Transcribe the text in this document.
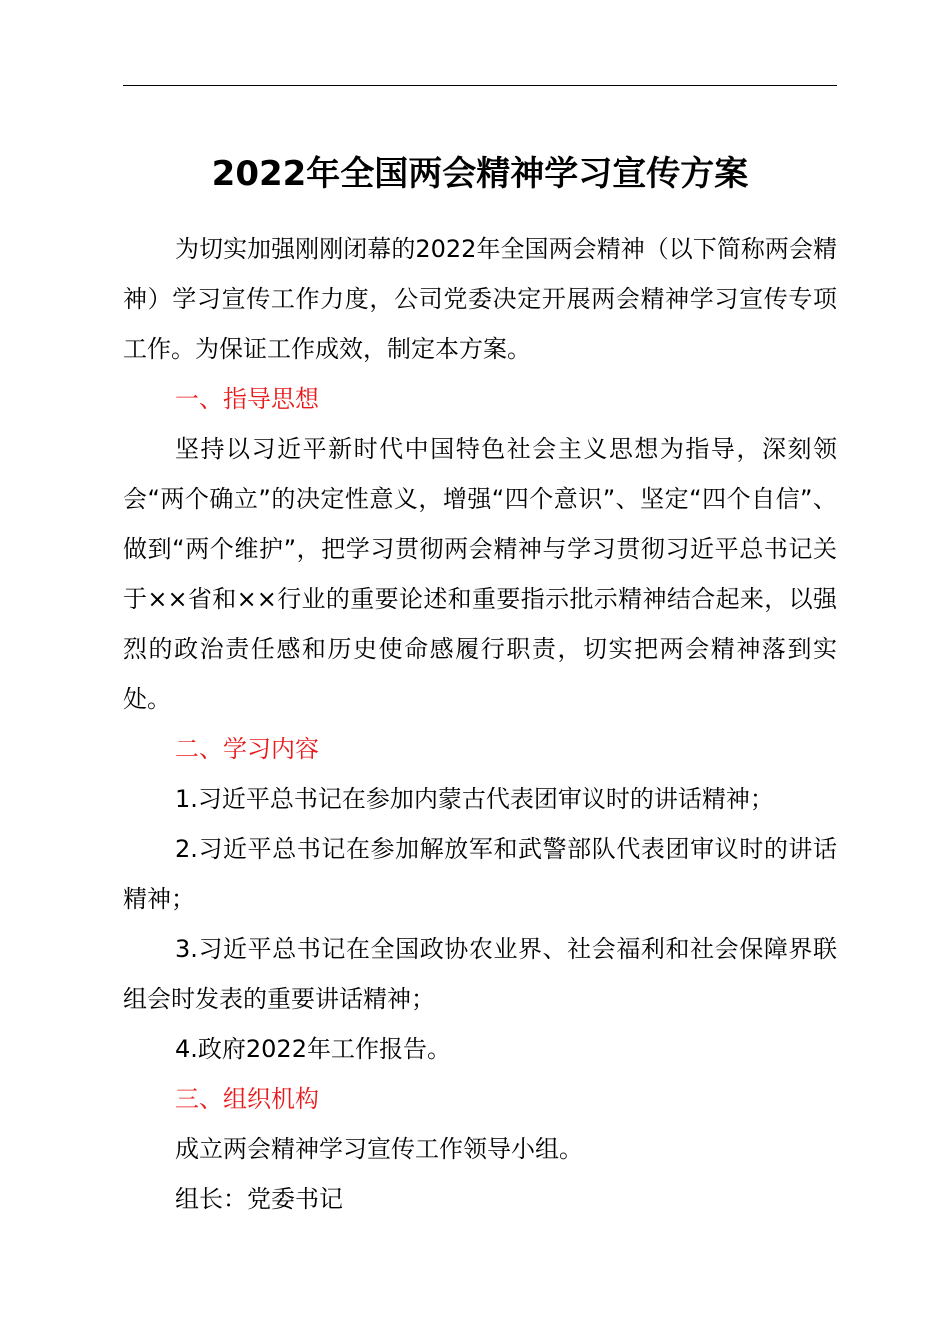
2022年全国两会精神学习宣传方案

为切实加强刚刚闭幕的2022年全国两会精神（以下简称两会精神）学习宣传工作力度，公司党委决定开展两会精神学习宣传专项工作。为保证工作成效，制定本方案。

一、指导思想

坚持以习近平新时代中国特色社会主义思想为指导，深刻领会“两个确立”的决定性意义，增强“四个意识”、坚定“四个自信”、做到“两个维护”，把学习贯彻两会精神与学习贯彻习近平总书记关于××省和××行业的重要论述和重要指示批示精神结合起来，以强烈的政治责任感和历史使命感履行职责，切实把两会精神落到实处。

二、学习内容

1.习近平总书记在参加内蒙古代表团审议时的讲话精神；

2.习近平总书记在参加解放军和武警部队代表团审议时的讲话精神；

3.习近平总书记在全国政协农业界、社会福利和社会保障界联组会时发表的重要讲话精神；

4.政府2022年工作报告。

三、组织机构

成立两会精神学习宣传工作领导小组。

组长：党委书记
